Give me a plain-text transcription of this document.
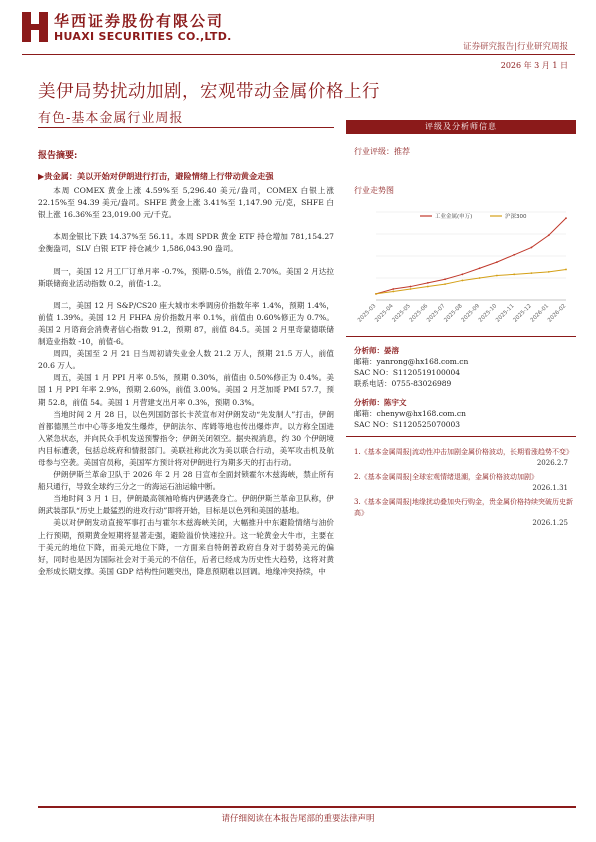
华西证券股份有限公司
HUAXI SECURITIES CO.,LTD.
证券研究报告|行业研究周报
2026 年 3 月 1 日
美伊局势扰动加剧，宏观带动金属价格上行
有色-基本金属行业周报
报告摘要:
▶贵金属：美以开始对伊朗进行打击，避险情绪上行带动黄金走强

本周 COMEX 黄金上涨 4.59%至 5,296.40 美元/盎司，COMEX 白银上涨 22.15%至 94.39 美元/盎司。SHFE 黄金上涨 3.41%至 1,147.90 元/克，SHFE 白银上涨 16.36%至 23,019.00 元/千克。

本周金银比下跌 14.37%至 56.11。本周 SPDR 黄金 ETF 持仓增加 781,154.27 金衡盎司，SLV 白银 ETF 持仓减少 1,586,043.90 盎司。

周一，美国 12 月工厂订单月率 -0.7%，预期-0.5%，前值 2.70%。美国 2 月达拉斯联储商业活动指数 0.2，前值-1.2。

周二，美国 12 月 S&P/CS20 座大城市未季调房价指数年率 1.4%，预期 1.4%，前值 1.39%。美国 12 月 FHFA 房价指数月率 0.1%，前值由 0.60%修正为 0.7%。美国 2 月谘商会消费者信心指数 91.2，预期 87，前值 84.5。美国 2 月里奇蒙德联储制造业指数 -10，前值-6。

周四，美国至 2 月 21 日当周初请失业金人数 21.2 万人，预期 21.5 万人，前值 20.6 万人。

周五，美国 1 月 PPI 月率 0.5%，预期 0.30%，前值由 0.50%修正为 0.4%。美国 1 月 PPI 年率 2.9%，预期 2.60%，前值 3.00%。美国 2 月芝加哥 PMI 57.7，预期 52.8，前值 54。美国 1 月营建支出月率 0.3%，预期 0.3%。

当地时间 2 月 28 日，以色列国防部长卡茨宣布对伊朗发动“先发制人”打击，伊朗首都德黑兰市中心等多地发生爆炸，伊朗法尔、库姆等地也传出爆炸声。以方称全国进入紧急状态，并向民众手机发送预警指令；伊朗关闭领空。据央视消息，约 30 个伊朗境内目标遭袭，包括总统府和情报部门。美联社称此次为美以联合行动，美军攻击机及航母参与空袭。美国官员称，美国军方预计将对伊朗进行为期多天的打击行动。

伊朗伊斯兰革命卫队于 2026 年 2 月 28 日宣布全面封锁霍尔木兹海峡，禁止所有船只通行，导致全球约三分之一的海运石油运输中断。

当地时间 3 月 1 日，伊朗最高领袖哈梅内伊遇袭身亡。伊朗伊斯兰革命卫队称，伊朗武装部队“历史上最猛烈的进攻行动”即将开始，目标是以色列和美国的基地。

美以对伊朗发动直接军事打击与霍尔木兹海峡关闭，大幅推升中东避险情绪与油价上行预期，预期黄金短期将显著走强，避险溢价快速拉升。这一轮黄金大牛市，主要在于美元的地位下降，而美元地位下降，一方面来自特朗普政府自身对于弱势美元的偏好，同时也是因为国际社会对于美元的不信任，后者已经成为历史性大趋势，这将对黄金形成长期支撑。美国 GDP 结构性问题突出，降息预期难以回调。地缘冲突持续，中

评级及分析师信息
行业评级：推荐
行业走势图
2025-03
2025-04
2025-05
2025-06
2025-07
2025-08
2025-09
2025-10
2025-11
2025-12
2026-01
2026-02
工业金属(申万)	沪深300
分析师：晏溶
邮箱：yanrong@hx168.com.cn
SAC NO：S1120519100004
联系电话：0755-83026989
分析师：陈宇文
邮箱：chenyw@hx168.com.cn
SAC NO：S1120525070003
1.《基本金属周报|流动性冲击加剧金属价格波动，长期看涨趋势不变》
2026.2.7
2.《基本金属周报|全球宏观情绪退潮，金属价格波动加剧》
2026.1.31
3.《基本金属周报|地缘扰动叠加央行购金，贵金属价格持续突破历史新高》
2026.1.25
请仔细阅读在本报告尾部的重要法律声明
